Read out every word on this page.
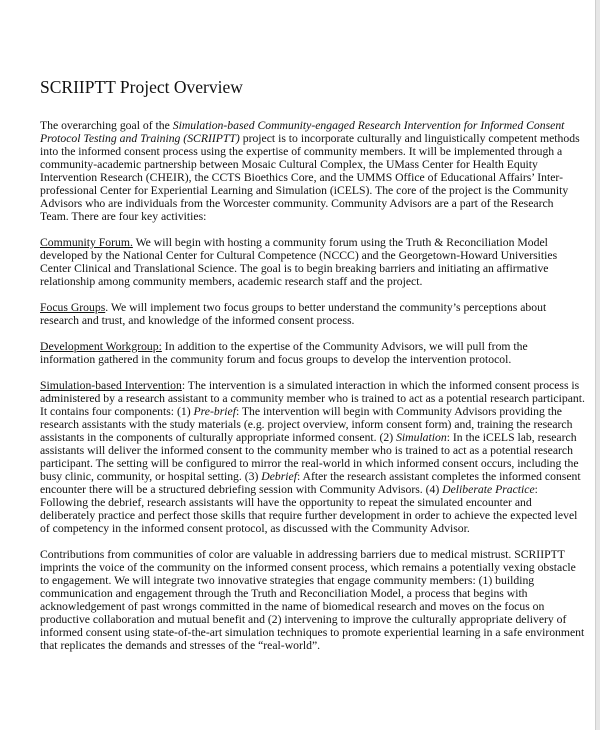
SCRIIPTT Project Overview
The overarching goal of the Simulation-based Community-engaged Research Intervention for Informed Consent
Protocol Testing and Training (SCRIIPTT) project is to incorporate culturally and linguistically competent methods
into the informed consent process using the expertise of community members. It will be implemented through a
community-academic partnership between Mosaic Cultural Complex, the UMass Center for Health Equity
Intervention Research (CHEIR), the CCTS Bioethics Core, and the UMMS Office of Educational Affairs’ Inter-
professional Center for Experiential Learning and Simulation (iCELS). The core of the project is the Community
Advisors who are individuals from the Worcester community. Community Advisors are a part of the Research
Team. There are four key activities:
Community Forum. We will begin with hosting a community forum using the Truth & Reconciliation Model
developed by the National Center for Cultural Competence (NCCC) and the Georgetown-Howard Universities
Center Clinical and Translational Science. The goal is to begin breaking barriers and initiating an affirmative
relationship among community members, academic research staff and the project.
Focus Groups. We will implement two focus groups to better understand the community’s perceptions about
research and trust, and knowledge of the informed consent process.
Development Workgroup: In addition to the expertise of the Community Advisors, we will pull from the
information gathered in the community forum and focus groups to develop the intervention protocol.
Simulation-based Intervention: The intervention is a simulated interaction in which the informed consent process is
administered by a research assistant to a community member who is trained to act as a potential research participant.
It contains four components: (1) Pre-brief: The intervention will begin with Community Advisors providing the
research assistants with the study materials (e.g. project overview, inform consent form) and, training the research
assistants in the components of culturally appropriate informed consent. (2) Simulation: In the iCELS lab, research
assistants will deliver the informed consent to the community member who is trained to act as a potential research
participant. The setting will be configured to mirror the real-world in which informed consent occurs, including the
busy clinic, community, or hospital setting. (3) Debrief: After the research assistant completes the informed consent
encounter there will be a structured debriefing session with Community Advisors. (4) Deliberate Practice:
Following the debrief, research assistants will have the opportunity to repeat the simulated encounter and
deliberately practice and perfect those skills that require further development in order to achieve the expected level
of competency in the informed consent protocol, as discussed with the Community Advisor.
Contributions from communities of color are valuable in addressing barriers due to medical mistrust. SCRIIPTT
imprints the voice of the community on the informed consent process, which remains a potentially vexing obstacle
to engagement. We will integrate two innovative strategies that engage community members: (1) building
communication and engagement through the Truth and Reconciliation Model, a process that begins with
acknowledgement of past wrongs committed in the name of biomedical research and moves on the focus on
productive collaboration and mutual benefit and (2) intervening to improve the culturally appropriate delivery of
informed consent using state-of-the-art simulation techniques to promote experiential learning in a safe environment
that replicates the demands and stresses of the “real-world”.
